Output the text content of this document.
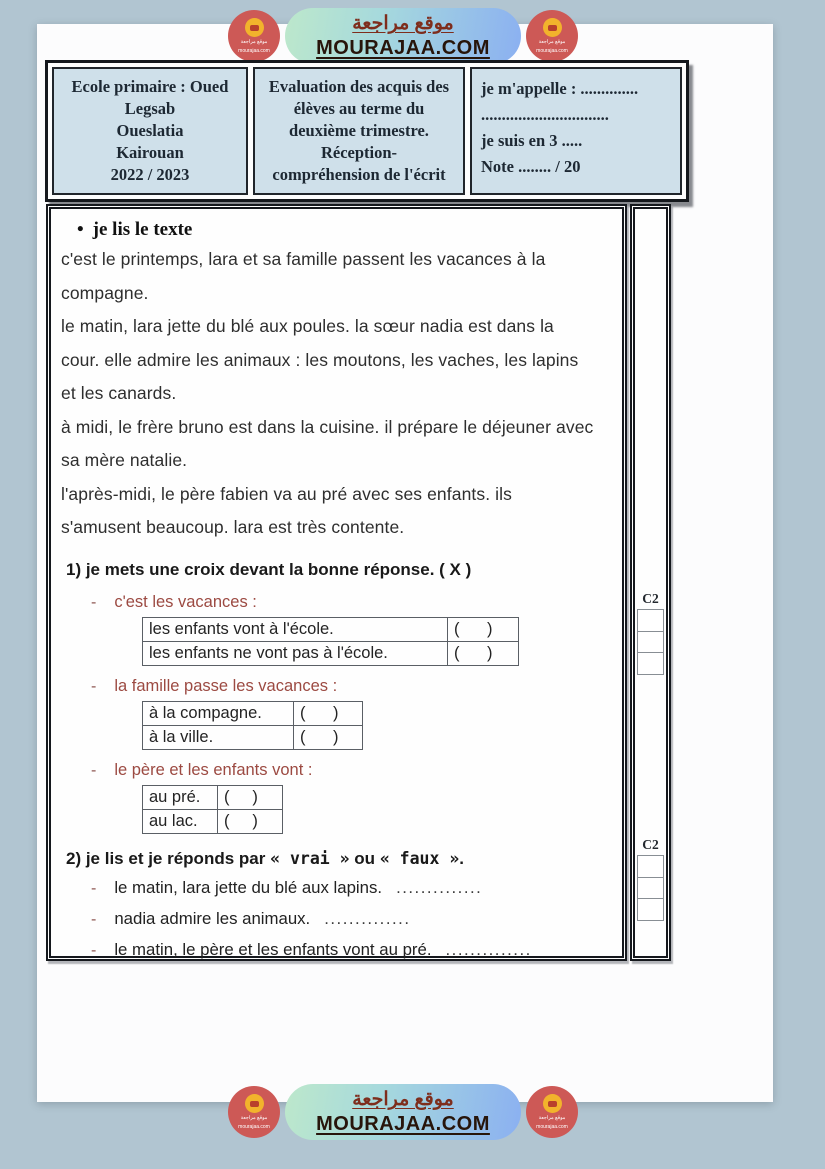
موقع مراجعة
mourajaa.com
موقع مراجعة
MOURAJAA.COM	موقع مراجعة
mourajaa.com
Ecole primaire : Oued
Legsab
Oueslatia
Kairouan
2022 / 2023
Evaluation des acquis des
élèves au terme du
deuxième trimestre.
Réception-
compréhension de l'écrit
je m'appelle : ..............
...............................
je suis en 3 .....
Note ........ / 20
• je lis le texte
c'est le printemps, lara et sa famille passent les vacances à la
compagne.
le matin, lara jette du blé aux poules. la sœur nadia est dans la
cour. elle admire les animaux : les moutons, les vaches, les lapins
et les canards.
à midi, le frère bruno est dans la cuisine. il prépare le déjeuner avec
sa mère natalie.
l'après-midi, le père fabien va au pré avec ses enfants. ils
s'amusent beaucoup. lara est très contente.
1) je mets une croix devant la bonne réponse. ( X )
- c'est les vacances :
les enfants vont à l'école.	(      )
les enfants ne vont pas à l'école.	(      )
- la famille passe les vacances :
à la compagne.	(      )
à la ville.	(      )
- le père et les enfants vont :
au pré.	(     )
au lac.	(     )
2) je lis et je réponds par « vrai » ou « faux ».
- le matin, lara jette du blé aux lapins. ..............
- nadia admire les animaux. ..............
- le matin, le père et les enfants vont au pré. ..............
C2
C2
موقع مراجعة
mourajaa.com
موقع مراجعة
MOURAJAA.COM	موقع مراجعة
mourajaa.com
